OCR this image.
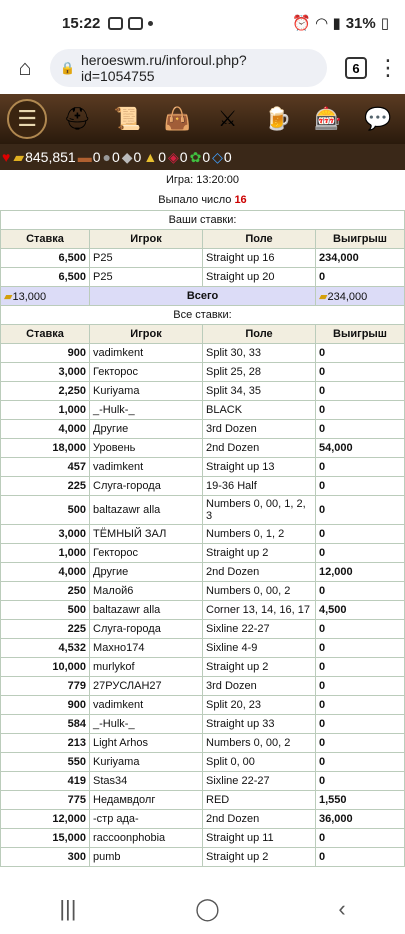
15:22	⏰ ◠ ▮ 31% ▯
⌂	🔒 heroeswm.ru/inforoul.php?id=1054755	6 ⋮
☰	⛑ 📜 👜	⚔	🍺 🎰 💬
♥ ▰ 845,851 ▬ 0 ● 0 ◆ 0 ▲ 0 ◈ 0 ✿ 0 ◇ 0
Игра: 13:20:00
Выпало число 16
Ваши ставки:			
Ставка	Игрок	Поле	Выигрыш
6,500	P25	Straight up 16	234,000
6,500	P25	Straight up 20	0
▰13,000	Всего		▰234,000
Все ставки:			
Ставка	Игрок	Поле	Выигрыш
900	vadimkent	Split 30, 33	0
3,000	Гекторос	Split 25, 28	0
2,250	Kuriyama	Split 34, 35	0
1,000	_-Hulk-_	BLACK	0
4,000	Другие	3rd Dozen	0
18,000	Уровень	2nd Dozen	54,000
457	vadimkent	Straight up 13	0
225	Слуга-города	19-36 Half	0
500	baltazawr alla	Numbers 0, 00, 1, 2, 3	0
3,000	ТЁМНЫЙ ЗАЛ	Numbers 0, 1, 2	0
1,000	Гекторос	Straight up 2	0
4,000	Другие	2nd Dozen	12,000
250	Малой6	Numbers 0, 00, 2	0
500	baltazawr alla	Corner 13, 14, 16, 17	4,500
225	Слуга-города	Sixline 22-27	0
4,532	Махно174	Sixline 4-9	0
10,000	murlykof	Straight up 2	0
779	27РУСЛАН27	3rd Dozen	0
900	vadimkent	Split 20, 23	0
584	_-Hulk-_	Straight up 33	0
213	Light Arhos	Numbers 0, 00, 2	0
550	Kuriyama	Split 0, 00	0
419	Stas34	Sixline 22-27	0
775	Недамвдолг	RED	1,550
12,000	-стр ада-	2nd Dozen	36,000
15,000	raccoonphobia	Straight up 11	0
300	pumb	Straight up 2	0
|||	◯	‹
